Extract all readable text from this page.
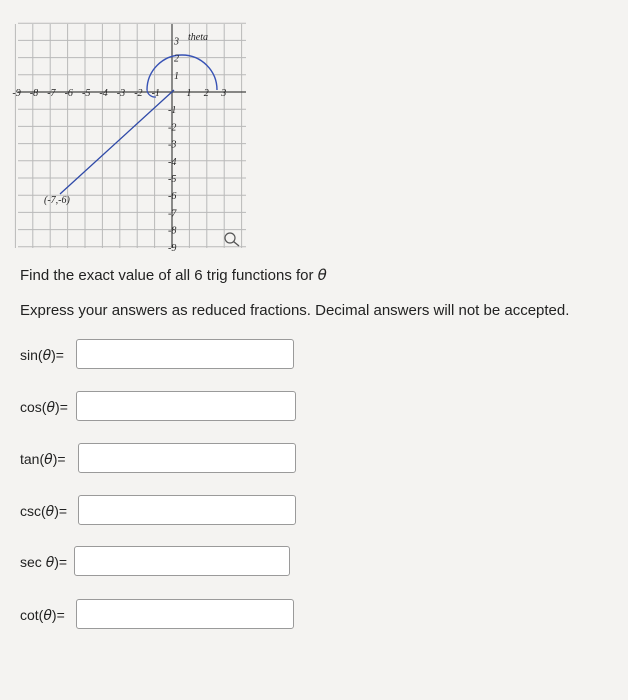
-9 -8 -7 -6 -5 -4 -3 -2 -1	1 2 3
3
2
1
-1
-2
-3
-4
-5
-6
-7
-8
-9
(-7,-6)
theta
Find the exact value of all 6 trig functions for θ
Express your answers as reduced fractions. Decimal answers will not be accepted.
sin(θ)=
cos(θ)=
tan(θ)=
csc(θ)=
sec θ)=
cot(θ)=
